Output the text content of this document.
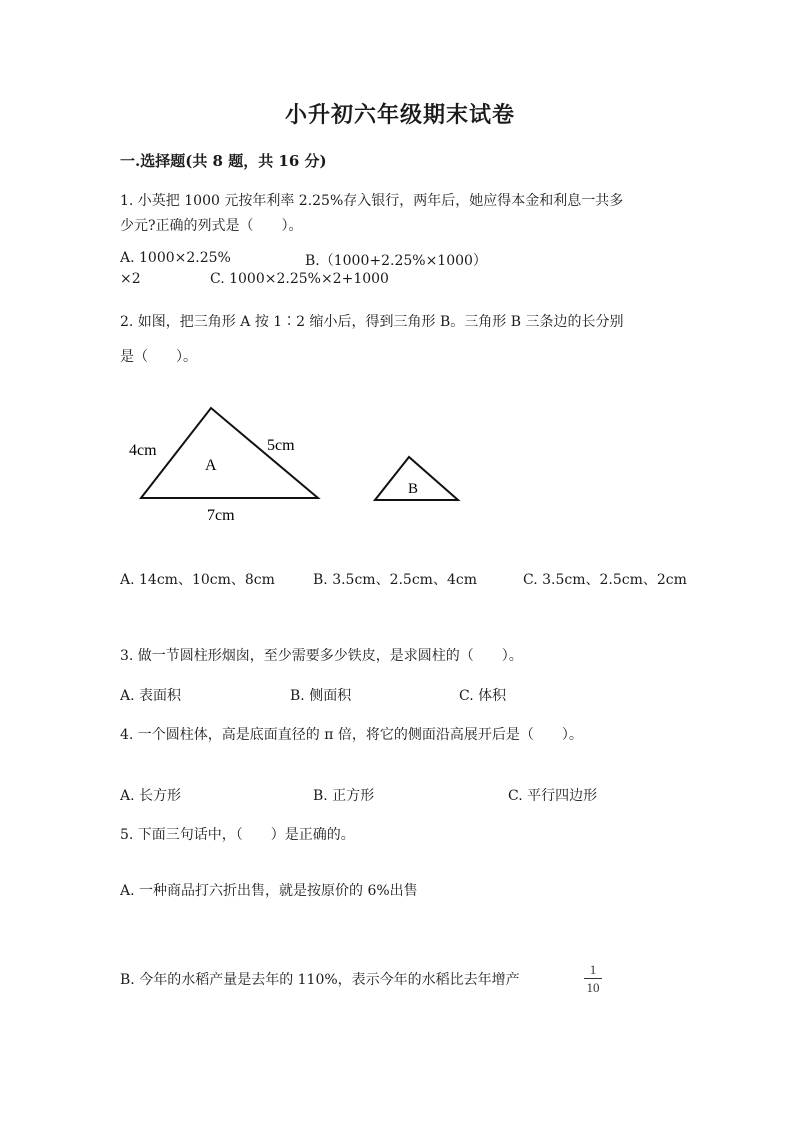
小升初六年级期末试卷
一.选择题(共 8 题，共 16 分)
1. 小英把 1000 元按年利率 2.25%存入银行，两年后，她应得本金和利息一共多
少元?正确的列式是（　　）。
A. 1000×2.25%	B.（1000+2.25%×1000）
×2	C. 1000×2.25%×2+1000
2. 如图，把三角形 A 按 1∶2 缩小后，得到三角形 B。三角形 B 三条边的长分别
是（　　）。
4cm	5cm
7cm
A
B
A. 14cm、10cm、8cm	B. 3.5cm、2.5cm、4cm	C. 3.5cm、2.5cm、2cm
3. 做一节圆柱形烟囱，至少需要多少铁皮，是求圆柱的（　　）。
A. 表面积	B. 侧面积	C. 体积
4. 一个圆柱体，高是底面直径的 π 倍，将它的侧面沿高展开后是（　　）。
A. 长方形	B. 正方形	C. 平行四边形
5. 下面三句话中，（　　）是正确的。
A. 一种商品打六折出售，就是按原价的 6%出售
B. 今年的水稻产量是去年的 110%，表示今年的水稻比去年增产
1
10
